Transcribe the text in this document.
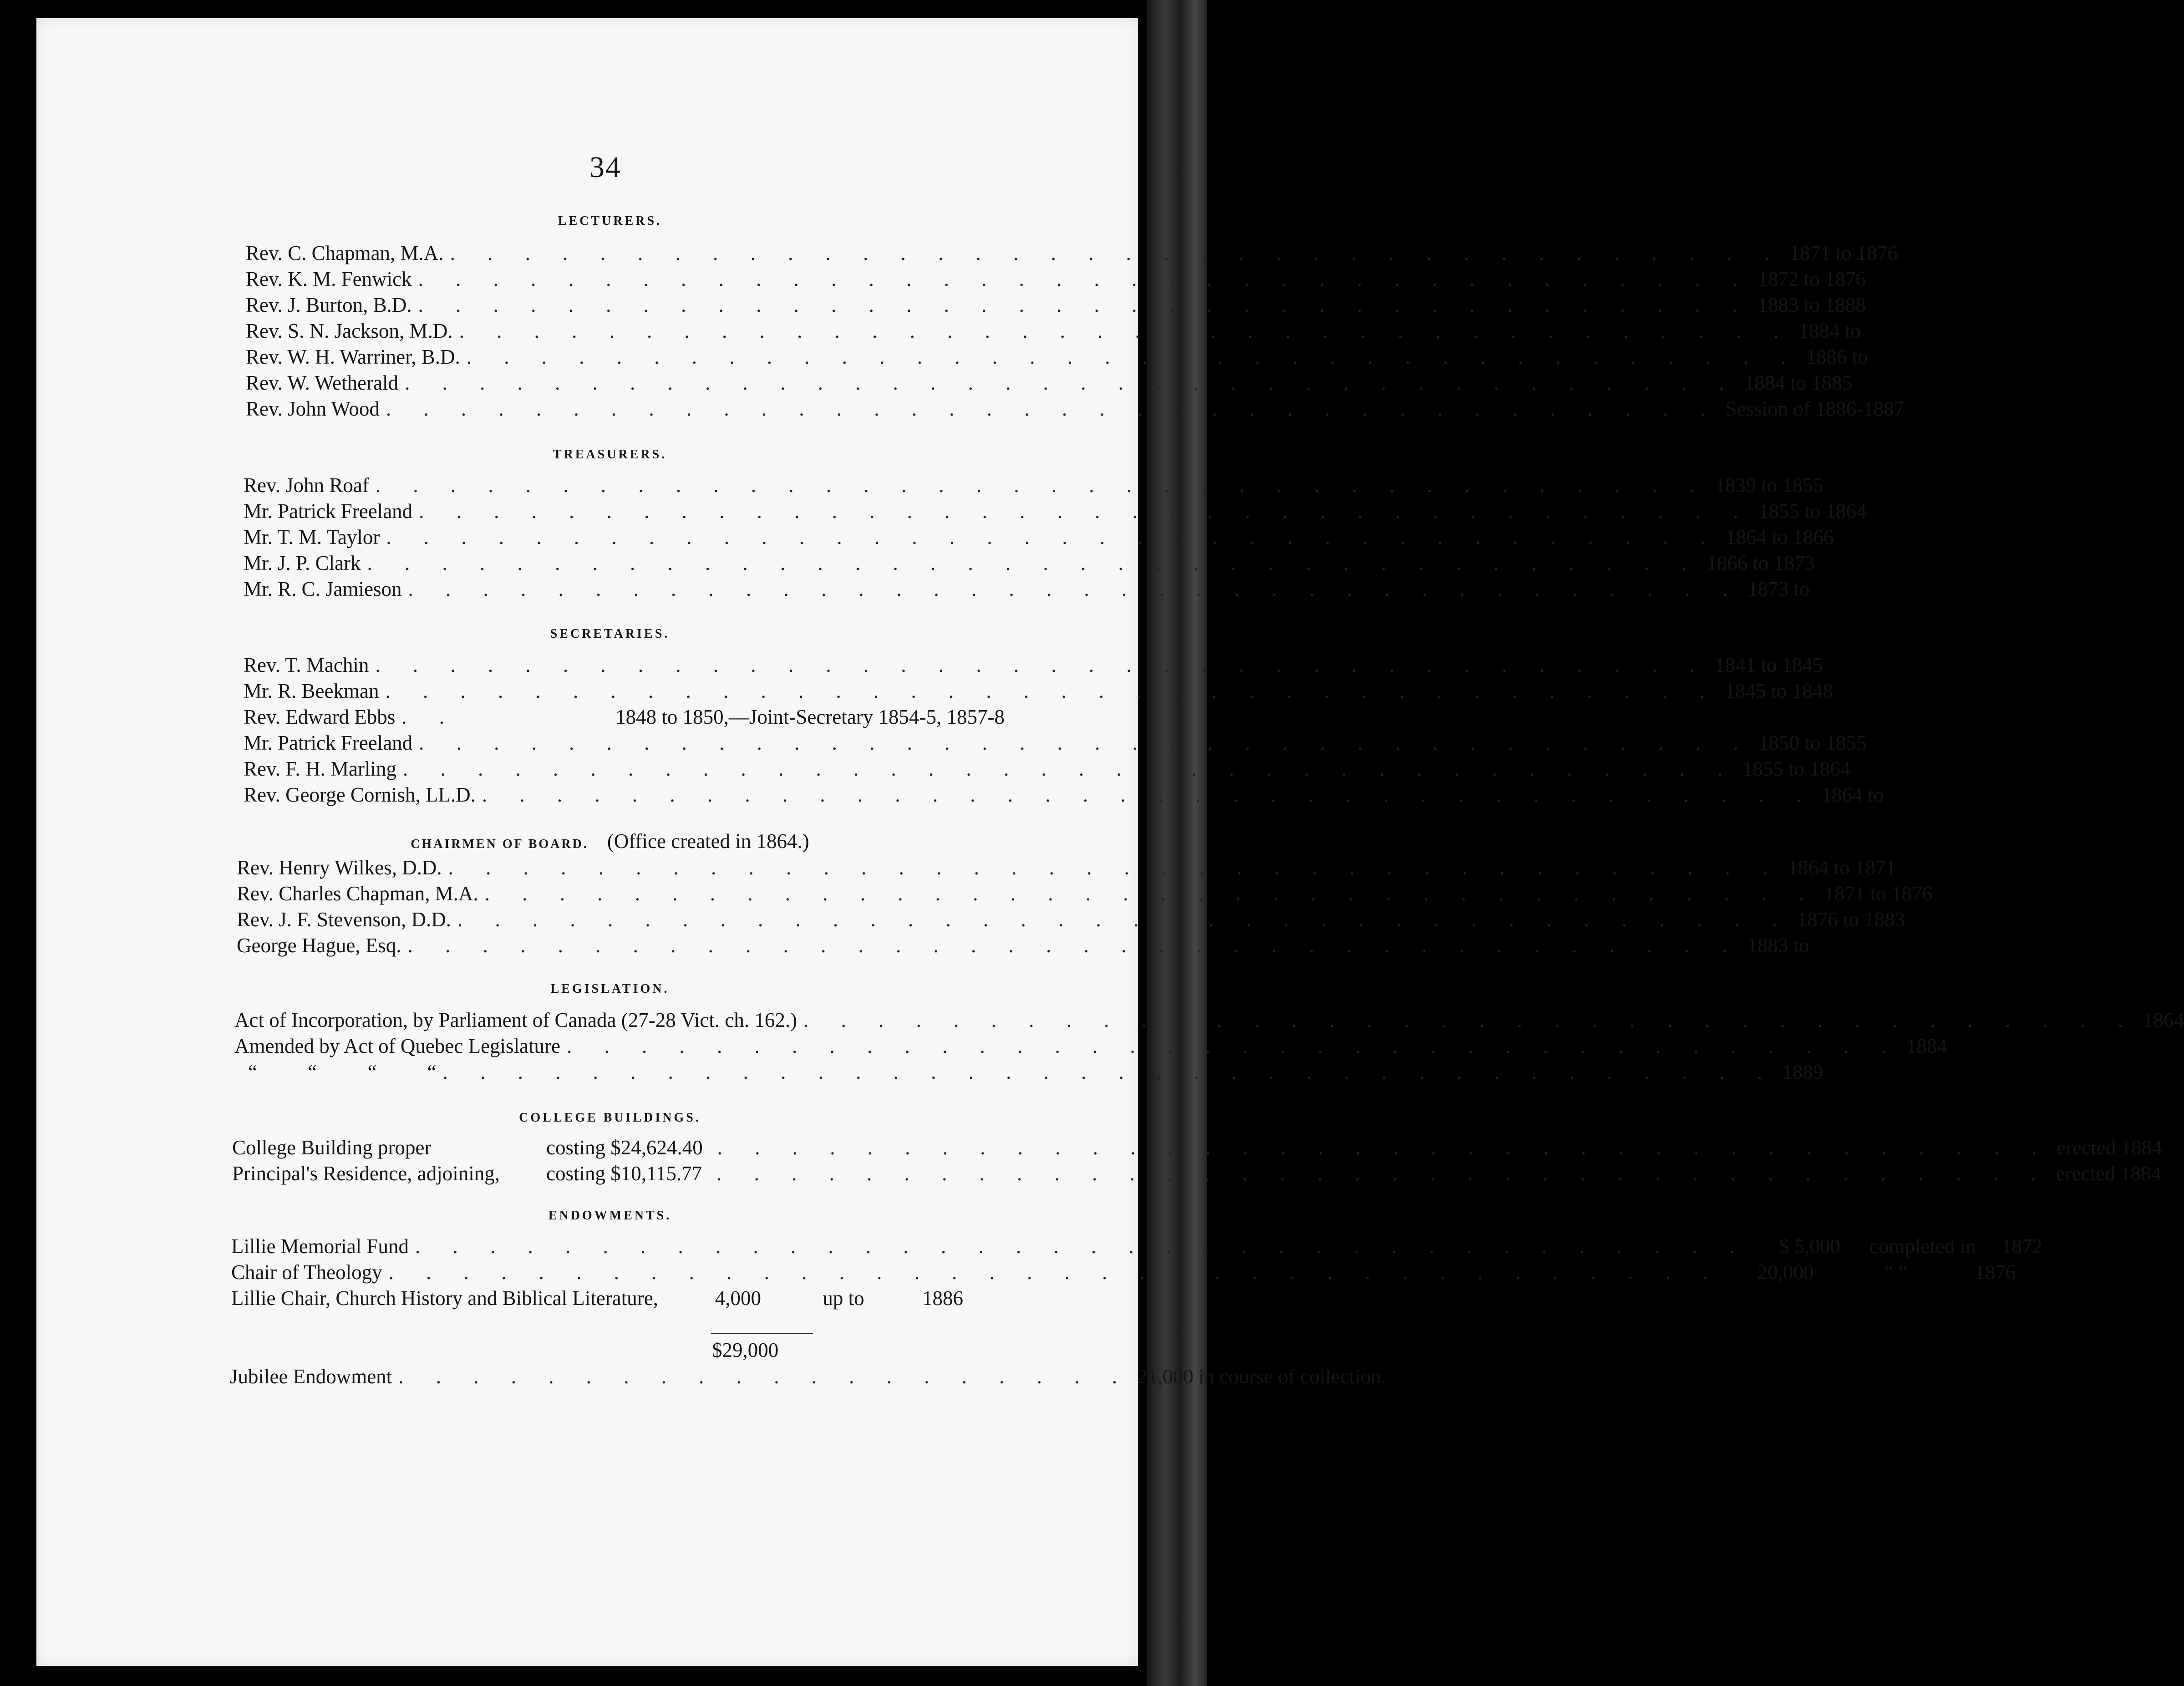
34
LECTURERS.
Rev. C. Chapman, M.A. . . . . . . . . . . . . . . . . . . . . . . . . . . . . . . . . . . . . 1871 to 1876
Rev. K. M. Fenwick . . . . . . . . . . . . . . . . . . . . . . . . . . . . . . . . . . . . 1872 to 1876
Rev. J. Burton, B.D. . . . . . . . . . . . . . . . . . . . . . . . . . . . . . . . . . . . . 1883 to 1888
Rev. S. N. Jackson, M.D. . . . . . . . . . . . . . . . . . . . . . . . . . . . . . . . . . . . . 1884 to
Rev. W. H. Warriner, B.D. . . . . . . . . . . . . . . . . . . . . . . . . . . . . . . . . . . . . 1886 to
Rev. W. Wetherald . . . . . . . . . . . . . . . . . . . . . . . . . . . . . . . . . . . . 1884 to 1885
Rev. John Wood . . . . . . . . . . . . . . . . . . . . . . . . . . . . . . . . . . . . Session of 1886-1887
TREASURERS.
Rev. John Roaf . . . . . . . . . . . . . . . . . . . . . . . . . . . . . . . . . . . . 1839 to 1855
Mr. Patrick Freeland . . . . . . . . . . . . . . . . . . . . . . . . . . . . . . . . . . . . 1855 to 1864
Mr. T. M. Taylor . . . . . . . . . . . . . . . . . . . . . . . . . . . . . . . . . . . . 1864 to 1866
Mr. J. P. Clark . . . . . . . . . . . . . . . . . . . . . . . . . . . . . . . . . . . . 1866 to 1873
Mr. R. C. Jamieson . . . . . . . . . . . . . . . . . . . . . . . . . . . . . . . . . . . . 1873 to
SECRETARIES.
Rev. T. Machin . . . . . . . . . . . . . . . . . . . . . . . . . . . . . . . . . . . . 1841 to 1845
Mr. R. Beekman . . . . . . . . . . . . . . . . . . . . . . . . . . . . . . . . . . . . 1845 to 1848
Rev. Edward Ebbs . .	1848 to 1850,—Joint-Secretary 1854-5, 1857-8
Mr. Patrick Freeland . . . . . . . . . . . . . . . . . . . . . . . . . . . . . . . . . . . . 1850 to 1855
Rev. F. H. Marling . . . . . . . . . . . . . . . . . . . . . . . . . . . . . . . . . . . . 1855 to 1864
Rev. George Cornish, LL.D. . . . . . . . . . . . . . . . . . . . . . . . . . . . . . . . . . . . . 1864 to
CHAIRMEN OF BOARD. (Office created in 1864.)
Rev. Henry Wilkes, D.D. . . . . . . . . . . . . . . . . . . . . . . . . . . . . . . . . . . . . 1864 to 1871
Rev. Charles Chapman, M.A. . . . . . . . . . . . . . . . . . . . . . . . . . . . . . . . . . . . . 1871 to 1876
Rev. J. F. Stevenson, D.D. . . . . . . . . . . . . . . . . . . . . . . . . . . . . . . . . . . . . 1876 to 1883
George Hague, Esq. . . . . . . . . . . . . . . . . . . . . . . . . . . . . . . . . . . . . 1883 to
LEGISLATION.
Act of Incorporation, by Parliament of Canada (27-28 Vict. ch. 162.) . . . . . . . . . . . . . . . . . . . . . . . . . . . . . . . . . . . . 1864
Amended by Act of Quebec Legislature . . . . . . . . . . . . . . . . . . . . . . . . . . . . . . . . . . . . 1884
“ “ “ “ . . . . . . . . . . . . . . . . . . . . . . . . . . . . . . . . . . . . 1889
COLLEGE BUILDINGS.
College Building proper	costing $24,624.40 . . . . . . . . . . . . . . . . . . . . . . . . . . . . . . . . . . . . erected 1884
Principal's Residence, adjoining,	costing $10,115.77 . . . . . . . . . . . . . . . . . . . . . . . . . . . . . . . . . . . . erected 1884
ENDOWMENTS.
Lillie Memorial Fund . . . . . . . . . . . . . . . . . . . . . . . . . . . . . . . . . . . .	$ 5,000	completed in	1872
Chair of Theology . . . . . . . . . . . . . . . . . . . . . . . . . . . . . . . . . . . .	20,000	“ “	1876
Lillie Chair, Church History and Biblical Literature,	4,000	up to	1886
$29,000
Jubilee Endowment . . . . . . . . . . . . . . . . . . . . 21,000 in course of collection.
